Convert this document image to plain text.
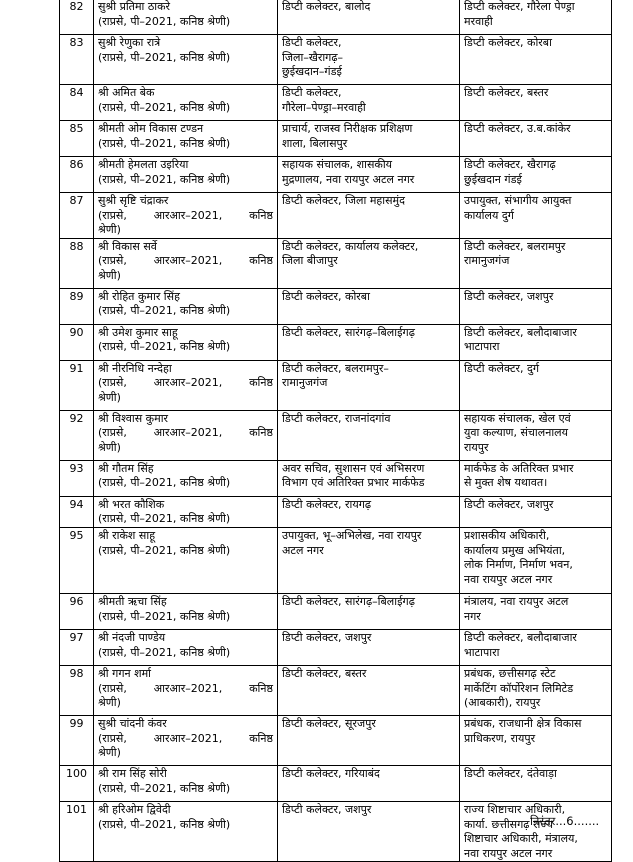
82	सुश्री प्रतिमा ठाकरे
(राप्रसे, पी–2021, कनिष्ठ श्रेणी)	डिप्टी कलेक्टर, बालोद	डिप्टी कलेक्टर, गौरेला पेण्ड्रा
मरवाही

83	सुश्री रेणुका रात्रे
(राप्रसे, पी–2021, कनिष्ठ श्रेणी)	डिप्टी कलेक्टर,
जिला–खैरागढ़–
छुईखदान–गंडई	डिप्टी कलेक्टर, कोरबा

84	श्री अमित बेक
(राप्रसे, पी–2021, कनिष्ठ श्रेणी)	डिप्टी कलेक्टर,
गौरेला–पेण्ड्रा–मरवाही	डिप्टी कलेक्टर, बस्तर

85	श्रीमती ओम विकास टण्डन
(राप्रसे, पी–2021, कनिष्ठ श्रेणी)	प्राचार्य, राजस्व निरीक्षक प्रशिक्षण
शाला, बिलासपुर	डिप्टी कलेक्टर, उ.ब.कांकेर

86	श्रीमती हेमलता उइरिया
(राप्रसे, पी–2021, कनिष्ठ श्रेणी)	सहायक संचालक, शासकीय
मुद्रणालय, नवा रायपुर अटल नगर	डिप्टी कलेक्टर, खैरागढ़
छुईखदान गंडई

87	सुश्री सृष्टि चंद्राकर
(राप्रसे, आरआर–2021, कनिष्ठ
श्रेणी)	डिप्टी कलेक्टर, जिला महासमुंद	उपायुक्त, संभागीय आयुक्त
कार्यालय दुर्ग

88	श्री विकास सर्वे
(राप्रसे, आरआर–2021, कनिष्ठ
श्रेणी)	डिप्टी कलेक्टर, कार्यालय कलेक्टर,
जिला बीजापुर	डिप्टी कलेक्टर, बलरामपुर
रामानुजगंज

89	श्री रोहित कुमार सिंह
(राप्रसे, पी–2021, कनिष्ठ श्रेणी)	डिप्टी कलेक्टर, कोरबा	डिप्टी कलेक्टर, जशपुर

90	श्री उमेश कुमार साहू
(राप्रसे, पी–2021, कनिष्ठ श्रेणी)	डिप्टी कलेक्टर, सारंगढ़–बिलाईगढ़	डिप्टी कलेक्टर, बलौदाबाजार
भाटापारा

91	श्री नीरनिधि नन्देहा
(राप्रसे, आरआर–2021, कनिष्ठ
श्रेणी)	डिप्टी कलेक्टर, बलरामपुर–
रामानुजगंज	डिप्टी कलेक्टर, दुर्ग

92	श्री विश्वास कुमार
(राप्रसे, आरआर–2021, कनिष्ठ
श्रेणी)	डिप्टी कलेक्टर, राजनांदगांव	सहायक संचालक, खेल एवं
युवा कल्याण, संचालनालय
रायपुर

93	श्री गौतम सिंह
(राप्रसे, पी–2021, कनिष्ठ श्रेणी)	अवर सचिव, सुशासन एवं अभिसरण
विभाग एवं अतिरिक्त प्रभार मार्कफेड	मार्कफेड के अतिरिक्त प्रभार
से मुक्त शेष यथावत।

94	श्री भरत कौशिक
(राप्रसे, पी–2021, कनिष्ठ श्रेणी)	डिप्टी कलेक्टर, रायगढ़	डिप्टी कलेक्टर, जशपुर

95	श्री राकेश साहू
(राप्रसे, पी–2021, कनिष्ठ श्रेणी)	उपायुक्त, भू–अभिलेख, नवा रायपुर
अटल नगर	प्रशासकीय अधिकारी,
कार्यालय प्रमुख अभियंता,
लोक निर्माण, निर्माण भवन,
नवा रायपुर अटल नगर

96	श्रीमती ऋचा सिंह
(राप्रसे, पी–2021, कनिष्ठ श्रेणी)	डिप्टी कलेक्टर, सारंगढ़–बिलाईगढ़	मंत्रालय, नवा रायपुर अटल
नगर

97	श्री नंदजी पाण्डेय
(राप्रसे, पी–2021, कनिष्ठ श्रेणी)	डिप्टी कलेक्टर, जशपुर	डिप्टी कलेक्टर, बलौदाबाजार
भाटापारा

98	श्री गगन शर्मा
(राप्रसे, आरआर–2021, कनिष्ठ
श्रेणी)	डिप्टी कलेक्टर, बस्तर	प्रबंधक, छत्तीसगढ़ स्टेट
मार्केटिंग कॉर्पोरेशन लिमिटेड
(आबकारी), रायपुर

99	सुश्री चांदनी कंवर
(राप्रसे, आरआर–2021, कनिष्ठ
श्रेणी)	डिप्टी कलेक्टर, सूरजपुर	प्रबंधक, राजधानी क्षेत्र विकास
प्राधिकरण, रायपुर

100	श्री राम सिंह सोरी
(राप्रसे, पी–2021, कनिष्ठ श्रेणी)	डिप्टी कलेक्टर, गरियाबंद	डिप्टी कलेक्टर, दंतेवाड़ा

101	श्री हरिओम द्विवेदी
(राप्रसे, पी–2021, कनिष्ठ श्रेणी)	डिप्टी कलेक्टर, जशपुर	राज्य शिष्टाचार अधिकारी,
कार्या. छत्तीसगढ़ राज्य
शिष्टाचार अधिकारी, मंत्रालय,
नवा रायपुर अटल नगर
निरंतर...6.......
